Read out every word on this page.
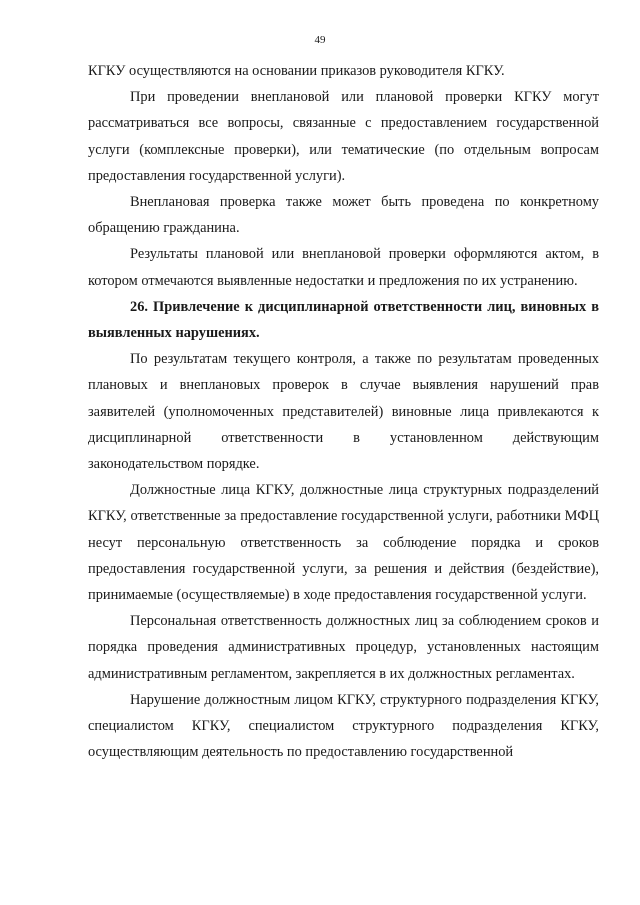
49

КГКУ осуществляются на основании приказов руководителя КГКУ.

При проведении внеплановой или плановой проверки КГКУ могут рассматриваться все вопросы, связанные с предоставлением государственной услуги (комплексные проверки), или тематические (по отдельным вопросам предоставления государственной услуги).

Внеплановая проверка также может быть проведена по конкретному обращению гражданина.

Результаты плановой или внеплановой проверки оформляются актом, в котором отмечаются выявленные недостатки и предложения по их устранению.

26. Привлечение к дисциплинарной ответственности лиц, виновных в выявленных нарушениях.

По результатам текущего контроля, а также по результатам проведенных плановых и внеплановых проверок в случае выявления нарушений прав заявителей (уполномоченных представителей) виновные лица привлекаются к дисциплинарной ответственности в установленном действующим законодательством порядке.

Должностные лица КГКУ, должностные лица структурных подразделений КГКУ, ответственные за предоставление государственной услуги, работники МФЦ несут персональную ответственность за соблюдение порядка и сроков предоставления государственной услуги, за решения и действия (бездействие), принимаемые (осуществляемые) в ходе предоставления государственной услуги.

Персональная ответственность должностных лиц за соблюдением сроков и порядка проведения административных процедур, установленных настоящим административным регламентом, закрепляется в их должностных регламентах.

Нарушение должностным лицом КГКУ, структурного подразделения КГКУ, специалистом КГКУ, специалистом структурного подразделения КГКУ, осуществляющим деятельность по предоставлению государственной
